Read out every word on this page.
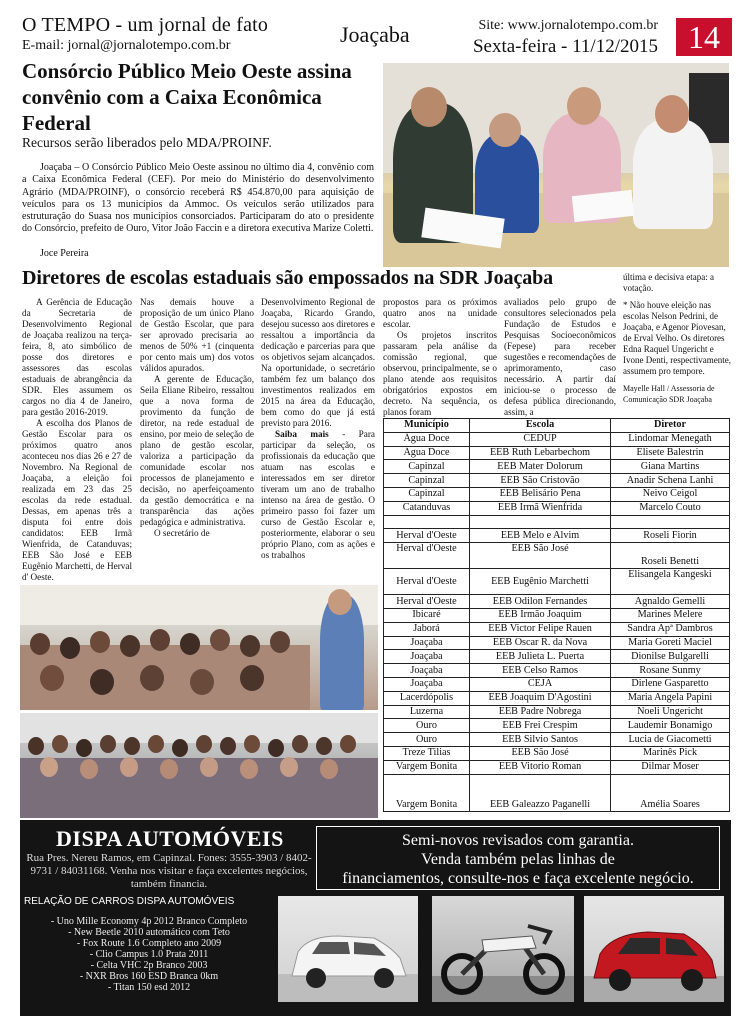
O TEMPO - um jornal de fato
E-mail: jornal@jornalotempo.com.br	Joaçaba	Site: www.jornalotempo.com.br
Sexta-feira - 11/12/2015 14
Consórcio Público Meio Oeste assina convênio com a Caixa Econômica Federal
Recursos serão liberados pelo MDA/PROINF.
Joaçaba – O Consórcio Público Meio Oeste assinou no último dia 4, convênio com a Caixa Econômica Federal (CEF). Por meio do Ministério do desenvolvimento Agrário (MDA/PROINF), o consórcio receberá R$ 454.870,00 para aquisição de veículos para os 13 municípios da Ammoc. Os veículos serão utilizados para estruturação do Suasa nos municípios consorciados. Participaram do ato o presidente do Consórcio, prefeito de Ouro, Vitor João Faccin e a diretora executiva Marize Coletti.
Joce Pereira
Diretores de escolas estaduais são empossados na SDR Joaçaba

A Gerência de Educação da Secretaria de Desenvolvimento Regional de Joaçaba realizou na terça-feira, 8, ato simbólico de posse dos diretores e assessores das escolas estaduais de abrangência da SDR. Eles assumem os cargos no dia 4 de Janeiro, para gestão 2016-2019.

A escolha dos Planos de Gestão Escolar para os próximos quatro anos aconteceu nos dias 26 e 27 de Novembro. Na Regional de Joaçaba, a eleição foi realizada em 23 das 25 escolas da rede estadual. Dessas, em apenas três a disputa foi entre dois candidatos: EEB Irmã Wienfrida, de Catanduvas; EEB São José e EEB Eugênio Marchetti, de Herval d' Oeste.

Nas demais houve a proposição de um único Plano de Gestão Escolar, que para ser aprovado precisaria ao menos de 50% +1 (cinquenta por cento mais um) dos votos válidos apurados.

A gerente de Educação, Seila Eliane Ribeiro, ressaltou que a nova forma de provimento da função de diretor, na rede estadual de ensino, por meio de seleção de plano de gestão escolar, valoriza a participação da comunidade escolar nos processos de planejamento e decisão, no aperfeiçoamento da gestão democrática e na transparência das ações pedagógica e administrativa.

O secretário de

Desenvolvimento Regional de Joaçaba, Ricardo Grando, desejou sucesso aos diretores e ressaltou a importância da dedicação e parcerias para que os objetivos sejam alcançados. Na oportunidade, o secretário também fez um balanço dos investimentos realizados em 2015 na área da Educação, bem como do que já está previsto para 2016.

Saiba mais - Para participar da seleção, os profissionais da educação que atuam nas escolas e interessados em ser diretor tiveram um ano de trabalho intenso na área de gestão. O primeiro passo foi fazer um curso de Gestão Escolar e, posteriormente, elaborar o seu próprio Plano, com as ações e os trabalhos

propostos para os próximos quatro anos na unidade escolar.

Os projetos inscritos passaram pela análise da comissão regional, que observou, principalmente, se o plano atende aos requisitos obrigatórios expostos em decreto. Na sequência, os planos foram

avaliados pelo grupo de consultores selecionados pela Fundação de Estudos e Pesquisas Socioeconômicos (Fepese) para receber sugestões e recomendações de aprimoramento, caso necessário. A partir daí iniciou-se o processo de defesa pública direcionando, assim, a

última e decisiva etapa: a votação.

* Não houve eleição nas escolas Nelson Pedrini, de Joaçaba, e Agenor Piovesan, de Erval Velho. Os diretores Edna Raquel Ungericht e Ivone Denti, respectivamente, assumem pro tempore.

Mayelle Hall / Assessoria de Comunicação SDR Joaçaba

Município	Escola	Diretor
Água Doce	CEDUP	Lindomar Menegath
Água Doce	EEB Ruth Lebarbechom	Elisete Balestrin
Capinzal	EEB Mater Dolorum	Giana Martins
Capinzal	EEB São Cristovão	Anadir Schena Lanhi
Capinzal	EEB Belisário Pena	Neivo Ceigol
Catanduvas	EEB Irmã Wienfrida	Marcelo Couto

Herval d'Oeste	EEB Melo e Alvim	Roseli Fiorin
Herval d'Oeste	EEB São José	Roseli Benetti
Herval d'Oeste	EEB Eugênio Marchetti	Elisangela Kangeski
Herval d'Oeste	EEB Odilon Fernandes	Agnaldo Gemelli
Ibicaré	EEB Irmão Joaquim	Marines Melere
Jaborá	EEB Victor Felipe Rauen	Sandra Apª Dambros
Joaçaba	EEB Oscar R. da Nova	Maria Goreti Maciel
Joaçaba	EEB Julieta L. Puerta	Dionilse Bulgarelli
Joaçaba	EEB Celso Ramos	Rosane Sunmy
Joaçaba	CEJA	Dirlene Gasparetto
Lacerdópolis	EEB Joaquim D'Agostini	Maria Angela Papini
Luzerna	EEB Padre Nobrega	Noeli Ungericht
Ouro	EEB Frei Crespim	Laudemir Bonamigo
Ouro	EEB Silvio Santos	Lucia de Giacometti
Treze Tilias	EEB São José	Marinês Pick
Vargem Bonita	EEB Vitorio Roman	Dilmar Moser
Vargem Bonita	EEB Galeazzo Paganelli	Amélia Soares
DISPA AUTOMÓVEIS
Rua Pres. Nereu Ramos, em Capinzal. Fones: 3555-3903 / 8402-9731 / 84031168. Venha nos visitar e faça excelentes negócios, também financia.
RELAÇÃO DE CARROS DISPA AUTOMÓVEIS
- Uno Mille Economy 4p 2012 Branco Completo
- New Beetle 2010 automático com Teto
- Fox Route 1.6 Completo ano 2009
- Clio Campus 1.0 Prata 2011
- Celta VHC 2p Branco 2003
- NXR Bros 160 ESD Branca 0km
- Titan 150 esd 2012
Semi-novos revisados com garantia.
Venda também pelas linhas de
financiamentos, consulte-nos e faça excelente negócio.
